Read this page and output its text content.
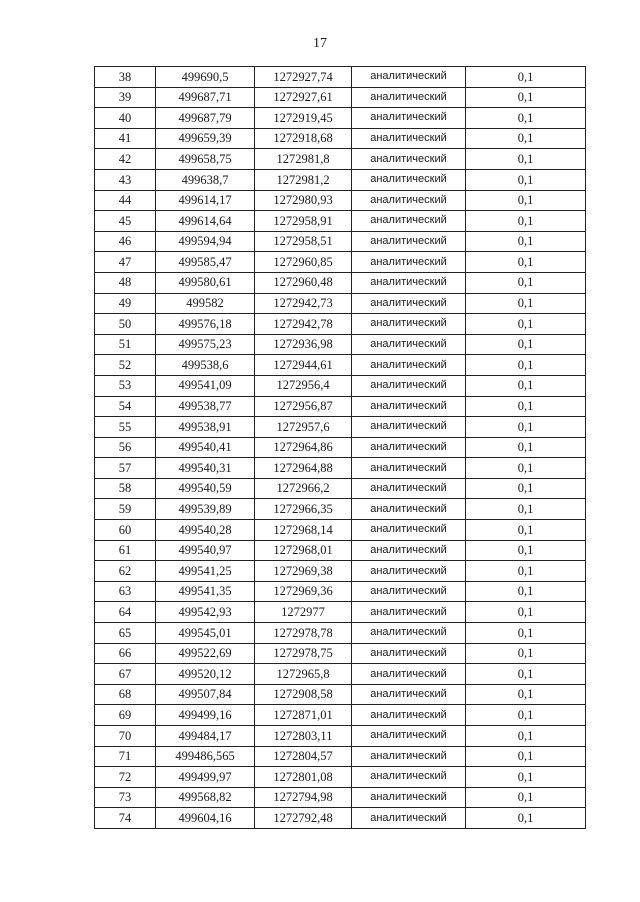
17
38	499690,5	1272927,74	аналитический	0,1
39	499687,71	1272927,61	аналитический	0,1
40	499687,79	1272919,45	аналитический	0,1
41	499659,39	1272918,68	аналитический	0,1
42	499658,75	1272981,8	аналитический	0,1
43	499638,7	1272981,2	аналитический	0,1
44	499614,17	1272980,93	аналитический	0,1
45	499614,64	1272958,91	аналитический	0,1
46	499594,94	1272958,51	аналитический	0,1
47	499585,47	1272960,85	аналитический	0,1
48	499580,61	1272960,48	аналитический	0,1
49	499582	1272942,73	аналитический	0,1
50	499576,18	1272942,78	аналитический	0,1
51	499575,23	1272936,98	аналитический	0,1
52	499538,6	1272944,61	аналитический	0,1
53	499541,09	1272956,4	аналитический	0,1
54	499538,77	1272956,87	аналитический	0,1
55	499538,91	1272957,6	аналитический	0,1
56	499540,41	1272964,86	аналитический	0,1
57	499540,31	1272964,88	аналитический	0,1
58	499540,59	1272966,2	аналитический	0,1
59	499539,89	1272966,35	аналитический	0,1
60	499540,28	1272968,14	аналитический	0,1
61	499540,97	1272968,01	аналитический	0,1
62	499541,25	1272969,38	аналитический	0,1
63	499541,35	1272969,36	аналитический	0,1
64	499542,93	1272977	аналитический	0,1
65	499545,01	1272978,78	аналитический	0,1
66	499522,69	1272978,75	аналитический	0,1
67	499520,12	1272965,8	аналитический	0,1
68	499507,84	1272908,58	аналитический	0,1
69	499499,16	1272871,01	аналитический	0,1
70	499484,17	1272803,11	аналитический	0,1
71	499486,565	1272804,57	аналитический	0,1
72	499499,97	1272801,08	аналитический	0,1
73	499568,82	1272794,98	аналитический	0,1
74	499604,16	1272792,48	аналитический	0,1
